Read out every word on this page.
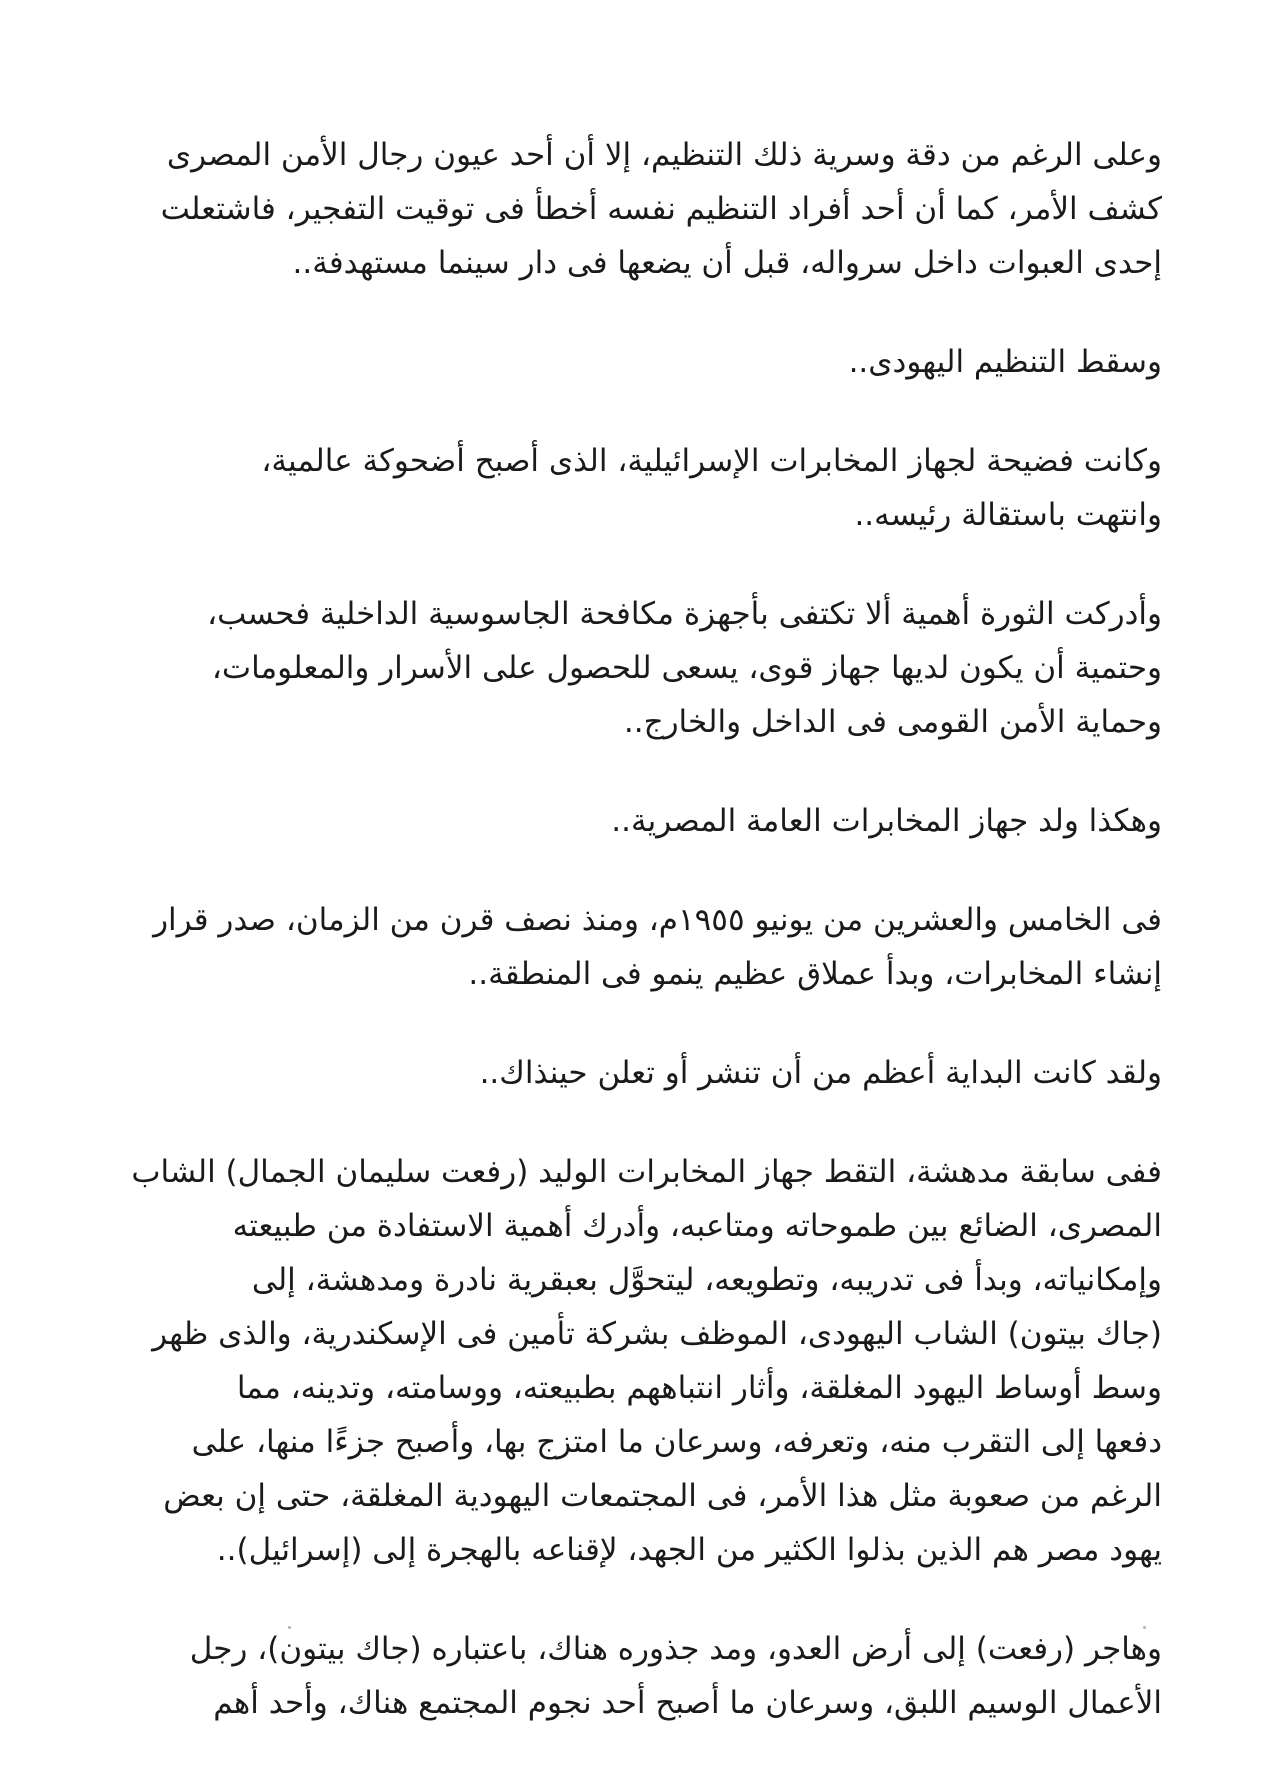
وعلى الرغم من دقة وسرية ذلك التنظيم، إلا أن أحد عيون رجال الأمن المصرى
كشف الأمر، كما أن أحد أفراد التنظيم نفسه أخطأ فى توقيت التفجير، فاشتعلت
إحدى العبوات داخل سرواله، قبل أن يضعها فى دار سينما مستهدفة..

وسقط التنظيم اليهودى..

وكانت فضيحة لجهاز المخابرات الإسرائيلية، الذى أصبح أضحوكة عالمية،
وانتهت باستقالة رئيسه..

وأدركت الثورة أهمية ألا تكتفى بأجهزة مكافحة الجاسوسية الداخلية فحسب،
وحتمية أن يكون لديها جهاز قوى، يسعى للحصول على الأسرار والمعلومات،
وحماية الأمن القومى فى الداخل والخارج..

وهكذا ولد جهاز المخابرات العامة المصرية..

فى الخامس والعشرين من يونيو ١٩٥٥م، ومنذ نصف قرن من الزمان، صدر قرار
إنشاء المخابرات، وبدأ عملاق عظيم ينمو فى المنطقة..

ولقد كانت البداية أعظم من أن تنشر أو تعلن حينذاك..

ففى سابقة مدهشة، التقط جهاز المخابرات الوليد (رفعت سليمان الجمال) الشاب
المصرى، الضائع بين طموحاته ومتاعبه، وأدرك أهمية الاستفادة من طبيعته
وإمكانياته، وبدأ فى تدريبه، وتطويعه، ليتحوَّل بعبقرية نادرة ومدهشة، إلى
(جاك بيتون) الشاب اليهودى، الموظف بشركة تأمين فى الإسكندرية، والذى ظهر
وسط أوساط اليهود المغلقة، وأثار انتباههم بطبيعته، ووسامته، وتدينه، مما
دفعها إلى التقرب منه، وتعرفه، وسرعان ما امتزج بها، وأصبح جزءًا منها، على
الرغم من صعوبة مثل هذا الأمر، فى المجتمعات اليهودية المغلقة، حتى إن بعض
يهود مصر هم الذين بذلوا الكثير من الجهد، لإقناعه بالهجرة إلى (إسرائيل)..

وهاجر (رفعت) إلى أرض العدو، ومد جذوره هناك، باعتباره (جاك بيتون)، رجل
الأعمال الوسيم اللبق، وسرعان ما أصبح أحد نجوم المجتمع هناك، وأحد أهم
